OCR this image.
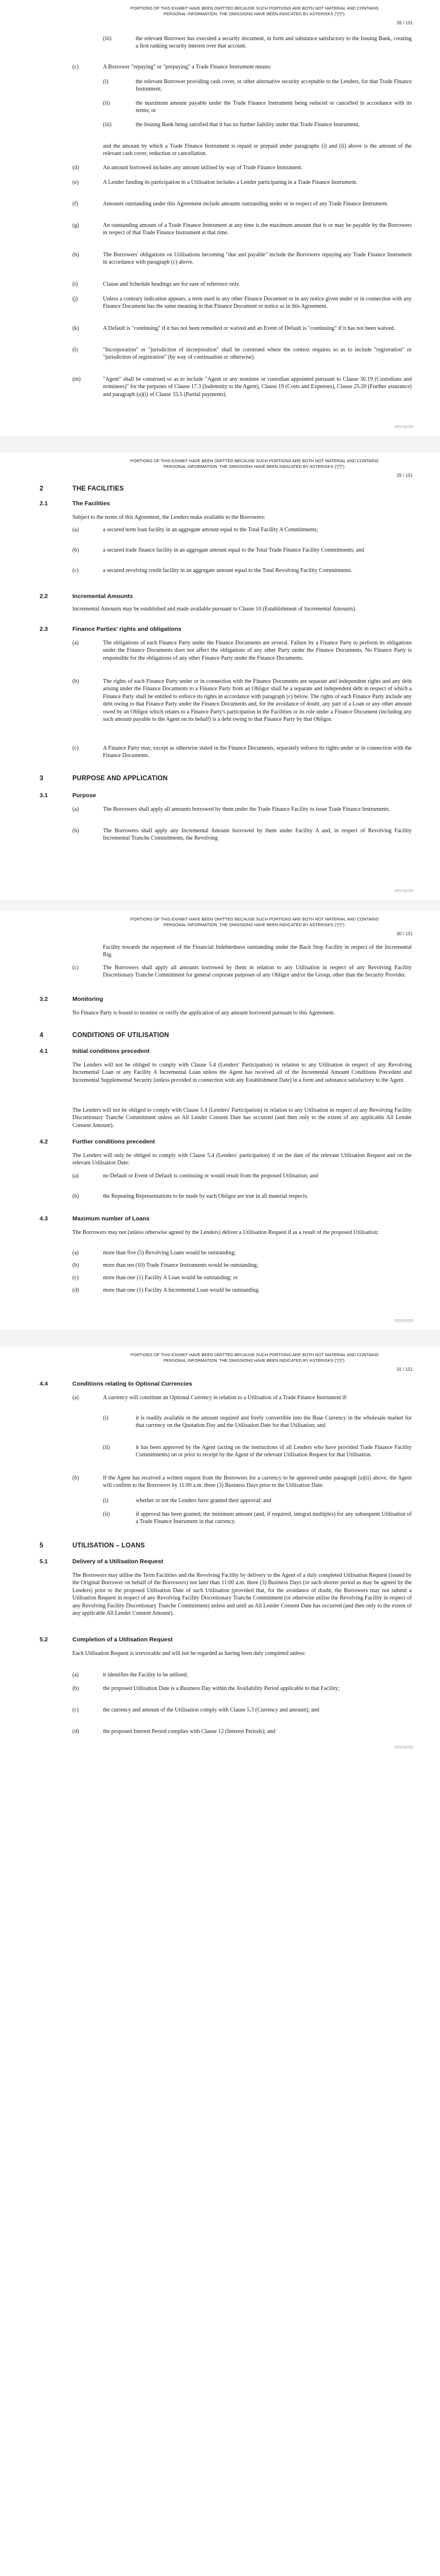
PORTIONS OF THIS EXHIBIT HAVE BEEN OMITTED BECAUSE SUCH PORTIONS ARE BOTH NOT MATERIAL AND CONTAINS PERSONAL INFORMATION. THE OMISSIONS HAVE BEEN INDICATED BY ASTERISKS ("[*]").
28 / 151
(iii)	the relevant Borrower has executed a security document, in form and substance satisfactory to the Issuing Bank, creating a first ranking security interest over that account.
(c)	A Borrower "repaying" or "prepaying" a Trade Finance Instrument means:
(i)	the relevant Borrower providing cash cover, or other alternative security acceptable to the Lenders, for that Trade Finance Instrument;
(ii)	the maximum amount payable under the Trade Finance Instrument being reduced or cancelled in accordance with its terms; or
(iii)	the Issuing Bank being satisfied that it has no further liability under that Trade Finance Instrument,
and the amount by which a Trade Finance Instrument is repaid or prepaid under paragraphs (i) and (ii) above is the amount of the relevant cash cover, reduction or cancellation.
(d)	An amount borrowed includes any amount utilised by way of Trade Finance Instrument.
(e)	A Lender funding its participation in a Utilisation includes a Lender participating in a Trade Finance Instrument.
(f)	Amounts outstanding under this Agreement include amounts outstanding under or in respect of any Trade Finance Instrument.
(g)	An outstanding amount of a Trade Finance Instrument at any time is the maximum amount that is or may be payable by the Borrowers in respect of that Trade Finance Instrument at that time.
(h)	The Borrowers' obligations on Utilisations becoming "due and payable" include the Borrowers repaying any Trade Finance Instrument in accordance with paragraph (c) above.
(i)	Clause and Schedule headings are for ease of reference only.
(j)	Unless a contrary indication appears, a term used in any other Finance Document or in any notice given under or in connection with any Finance Document has the same meaning in that Finance Document or notice as in this Agreement.
(k)	A Default is "continuing" if it has not been remedied or waived and an Event of Default is "continuing" if it has not been waived.
(l)	"Incorporation" or "jurisdiction of incorporation" shall be construed where the context requires so as to include "registration" or "jurisdiction of registration" (by way of continuation or otherwise).
(m)	"Agent" shall be construed so as to include "Agent or any nominee or custodian appointed pursuant to Clause 30.19 (Custodians and nominees)" for the purposes of Clause 17.3 (Indemnity to the Agent), Clause 19 (Costs and Expenses), Clause 25.20 (Further assurance) and paragraph (a)(i) of Clause 33.5 (Partial payments).
[*] [*] / [*] [*] [*]
PORTIONS OF THIS EXHIBIT HAVE BEEN OMITTED BECAUSE SUCH PORTIONS ARE BOTH NOT MATERIAL AND CONTAINS PERSONAL INFORMATION. THE OMISSIONS HAVE BEEN INDICATED BY ASTERISKS ("[*]").
29 / 151
2	THE FACILITIES
2.1	The Facilities
Subject to the terms of this Agreement, the Lenders make available to the Borrowers:
(a)	a secured term loan facility in an aggregate amount equal to the Total Facility A Commitments;
(b)	a secured trade finance facility in an aggregate amount equal to the Total Trade Finance Facility Commitments; and
(c)	a secured revolving credit facility in an aggregate amount equal to the Total Revolving Facility Commitments.
2.2	Incremental Amounts
Incremental Amounts may be established and made available pursuant to Clause 10 (Establishment of Incremental Amounts).
2.3	Finance Parties' rights and obligations
(a)	The obligations of each Finance Party under the Finance Documents are several. Failure by a Finance Party to perform its obligations under the Finance Documents does not affect the obligations of any other Party under the Finance Documents. No Finance Party is responsible for the obligations of any other Finance Party under the Finance Documents.
(b)	The rights of each Finance Party under or in connection with the Finance Documents are separate and independent rights and any debt arising under the Finance Documents to a Finance Party from an Obligor shall be a separate and independent debt in respect of which a Finance Party shall be entitled to enforce its rights in accordance with paragraph (c) below. The rights of each Finance Party include any debt owing to that Finance Party under the Finance Documents and, for the avoidance of doubt, any part of a Loan or any other amount owed by an Obligor which relates to a Finance Party's participation in the Facilities or its role under a Finance Document (including any such amount payable to the Agent on its behalf) is a debt owing to that Finance Party by that Obligor.
(c)	A Finance Party may, except as otherwise stated in the Finance Documents, separately enforce its rights under or in connection with the Finance Documents.
3	PURPOSE AND APPLICATION
3.1	Purpose
(a)	The Borrowers shall apply all amounts borrowed by them under the Trade Finance Facility to issue Trade Finance Instruments.
(b)	The Borrowers shall apply any Incremental Amount borrowed by them under Facility A and, in respect of Revolving Facility Incremental Tranche Commitments, the Revolving
[*] [*] / [*] [*] [*]
PORTIONS OF THIS EXHIBIT HAVE BEEN OMITTED BECAUSE SUCH PORTIONS ARE BOTH NOT MATERIAL AND CONTAINS PERSONAL INFORMATION. THE OMISSIONS HAVE BEEN INDICATED BY ASTERISKS ("[*]").
30 / 151
Facility towards the repayment of the Financial Indebtedness outstanding under the Back Stop Facility in respect of the Incremental Rig.
(c)	The Borrowers shall apply all amounts borrowed by them in relation to any Utilisation in respect of any Revolving Facility Discretionary Tranche Commitment for general corporate purposes of any Obligor and/or the Group, other than the Security Provider.
3.2	Monitoring
No Finance Party is bound to monitor or verify the application of any amount borrowed pursuant to this Agreement.
4	CONDITIONS OF UTILISATION
4.1	Initial conditions precedent
The Lenders will not be obliged to comply with Clause 5.4 (Lenders' Participation) in relation to any Utilisation in respect of any Revolving Incremental Loan or any Facility A Incremental Loan unless the Agent has received all of the Incremental Amount Conditions Precedent and Incremental Supplemental Security (unless provided in connection with any Establishment Date) in a form and substance satisfactory to the Agent.
The Lenders will not be obliged to comply with Clause 5.4 (Lenders' Participation) in relation to any Utilisation in respect of any Revolving Facility Discretionary Tranche Commitment unless an All Lender Consent Date has occurred (and then only to the extent of any applicable All Lender Consent Amount).
4.2	Further conditions precedent
The Lenders will only be obliged to comply with Clause 5.4 (Lenders' participation) if on the date of the relevant Utilisation Request and on the relevant Utilisation Date:
(a)	no Default or Event of Default is continuing or would result from the proposed Utilisation; and
(b)	the Repeating Representations to be made by each Obligor are true in all material respects.
4.3	Maximum number of Loans
The Borrowers may not (unless otherwise agreed by the Lenders) deliver a Utilisation Request if as a result of the proposed Utilisation:
(a)	more than five (5) Revolving Loans would be outstanding;
(b)	more than ten (10) Trade Finance Instruments would be outstanding;
(c)	more than one (1) Facility A Loan would be outstanding; or
(d)	more than one (1) Facility A Incremental Loan would be outstanding.
[*] [*] / [*] [*] [*]
PORTIONS OF THIS EXHIBIT HAVE BEEN OMITTED BECAUSE SUCH PORTIONS ARE BOTH NOT MATERIAL AND CONTAINS PERSONAL INFORMATION. THE OMISSIONS HAVE BEEN INDICATED BY ASTERISKS ("[*]").
31 / 151
4.4	Conditions relating to Optional Currencies
(a)	A currency will constitute an Optional Currency in relation to a Utilisation of a Trade Finance Instrument if:
(i)	it is readily available in the amount required and freely convertible into the Base Currency in the wholesale market for that currency on the Quotation Day and the Utilisation Date for that Utilisation; and
(ii)	it has been approved by the Agent (acting on the instructions of all Lenders who have provided Trade Finance Facility Commitments) on or prior to receipt by the Agent of the relevant Utilisation Request for that Utilisation.
(b)	If the Agent has received a written request from the Borrowers for a currency to be approved under paragraph (a)(ii) above, the Agent will confirm to the Borrowers by 11:00 a.m. three (3) Business Days prior to the Utilisation Date:
(i)	whether or not the Lenders have granted their approval; and
(ii)	if approval has been granted, the minimum amount (and, if required, integral multiples) for any subsequent Utilisation of a Trade Finance Instrument in that currency.
5	UTILISATION – LOANS
5.1	Delivery of a Utilisation Request
The Borrowers may utilise the Term Facilities and the Revolving Facility by delivery to the Agent of a duly completed Utilisation Request (issued by the Original Borrower on behalf of the Borrowers) not later than 11:00 a.m. three (3) Business Days (or such shorter period as may be agreed by the Lenders) prior to the proposed Utilisation Date of such Utilisation (provided that, for the avoidance of doubt, the Borrowers may not submit a Utilisation Request in respect of any Revolving Facility Discretionary Tranche Commitment (or otherwise utilise the Revolving Facility in respect of any Revolving Facility Discretionary Tranche Commitment) unless and until an All Lender Consent Date has occurred (and then only to the extent of any applicable All Lender Consent Amount).
5.2	Completion of a Utilisation Request
Each Utilisation Request is irrevocable and will not be regarded as having been duly completed unless:
(a)	it identifies the Facility to be utilised;
(b)	the proposed Utilisation Date is a Business Day within the Availability Period applicable to that Facility;
(c)	the currency and amount of the Utilisation comply with Clause 5.3 (Currency and amount); and
(d)	the proposed Interest Period complies with Clause 12 (Interest Periods); and
[*] [*] / [*] [*] [*]
